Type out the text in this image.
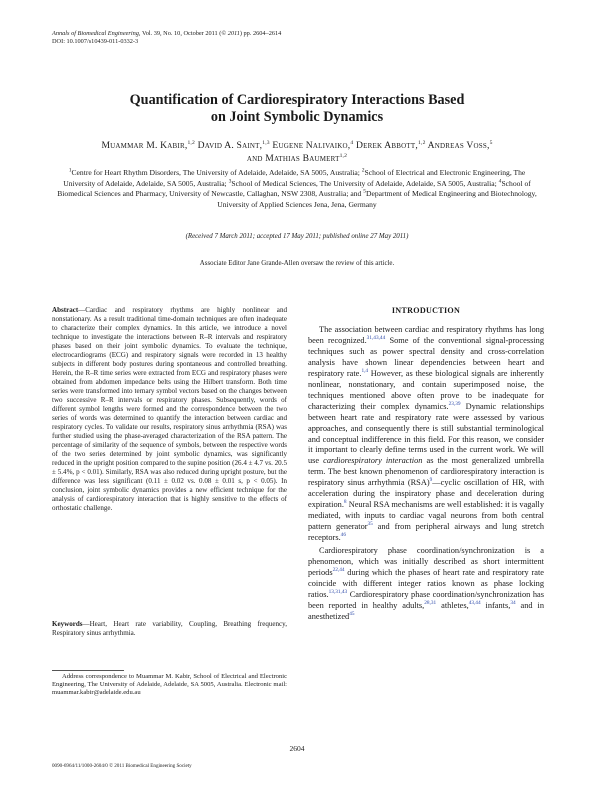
Annals of Biomedical Engineering, Vol. 39, No. 10, October 2011 (© 2011) pp. 2604–2614
DOI: 10.1007/s10439-011-0332-3
Quantification of Cardiorespiratory Interactions Based
on Joint Symbolic Dynamics
Muammar M. Kabir,$^{1,2}$ David A. Saint,$^{1,3}$ Eugene Nalivaiko,$^4$ Derek Abbott,$^{1,2}$ Andreas Voss,$^5$
and Mathias Baumert$^{1,2}$
$^1$Centre for Heart Rhythm Disorders, The University of Adelaide, Adelaide, SA 5005, Australia; $^2$School of Electrical and Electronic Engineering, The University of Adelaide, Adelaide, SA 5005, Australia; $^3$School of Medical Sciences, The University of Adelaide, Adelaide, SA 5005, Australia; $^4$School of Biomedical Sciences and Pharmacy, University of Newcastle, Callaghan, NSW 2308, Australia; and $^5$Department of Medical Engineering and Biotechnology, University of Applied Sciences Jena, Jena, Germany
(Received 7 March 2011; accepted 17 May 2011; published online 27 May 2011)
Associate Editor Jane Grande-Allen oversaw the review of this article.
Abstract—Cardiac and respiratory rhythms are highly nonlinear and nonstationary. As a result traditional time-domain techniques are often inadequate to characterize their complex dynamics. In this article, we introduce a novel technique to investigate the interactions between R–R intervals and respiratory phases based on their joint symbolic dynamics. To evaluate the technique, electrocardiograms (ECG) and respiratory signals were recorded in 13 healthy subjects in different body postures during spontaneous and controlled breathing. Herein, the R–R time series were extracted from ECG and respiratory phases were obtained from abdomen impedance belts using the Hilbert transform. Both time series were transformed into ternary symbol vectors based on the changes between two successive R–R intervals or respiratory phases. Subsequently, words of different symbol lengths were formed and the correspondence between the two series of words was determined to quantify the interaction between cardiac and respiratory cycles. To validate our results, respiratory sinus arrhythmia (RSA) was further studied using the phase-averaged characterization of the RSA pattern. The percentage of similarity of the sequence of symbols, between the respective words of the two series determined by joint symbolic dynamics, was significantly reduced in the upright position compared to the supine position (26.4 ± 4.7 vs. 20.5 ± 5.4%, p < 0.01). Similarly, RSA was also reduced during upright posture, but the difference was less significant (0.11 ± 0.02 vs. 0.08 ± 0.01 s, p < 0.05). In conclusion, joint symbolic dynamics provides a new efficient technique for the analysis of cardiorespiratory interaction that is highly sensitive to the effects of orthostatic challenge.
Keywords—Heart, Heart rate variability, Coupling, Breathing frequency, Respiratory sinus arrhythmia.
Address correspondence to Muammar M. Kabir, School of Electrical and Electronic Engineering, The University of Adelaide, Adelaide, SA 5005, Australia. Electronic mail: muammar.kabir@adelaide.edu.au
INTRODUCTION

The association between cardiac and respiratory rhythms has long been recognized.$^{31,43,44}$ Some of the conventional signal-processing techniques such as power spectral density and cross-correlation analysis have shown linear dependencies between heart and respiratory rate.$^{1,4}$ However, as these biological signals are inherently nonlinear, nonstationary, and contain superimposed noise, the techniques mentioned above often prove to be inadequate for characterizing their complex dynamics.$^{23,39}$ Dynamic relationships between heart rate and respiratory rate were assessed by various approaches, and consequently there is still substantial terminological and conceptual indifference in this field. For this reason, we consider it important to clearly define terms used in the current work. We will use cardiorespiratory interaction as the most generalized umbrella term. The best known phenomenon of cardiorespiratory interaction is respiratory sinus arrhythmia (RSA)$^9$—cyclic oscillation of HR, with acceleration during the inspiratory phase and deceleration during expiration.$^8$ Neural RSA mechanisms are well established: it is vagally mediated, with inputs to cardiac vagal neurons from both central pattern generator$^{35}$ and from peripheral airways and lung stretch receptors.$^{46}$

Cardiorespiratory phase coordination/synchronization is a phenomenon, which was initially described as short intermittent periods$^{22,44}$ during which the phases of heart rate and respiratory rate coincide with different integer ratios known as phase locking ratios.$^{13,31,43}$ Cardiorespiratory phase coordination/synchronization has been reported in healthy adults,$^{28,31}$ athletes,$^{43,44}$ infants,$^{34}$ and in anesthetized$^{45}$

2604
0090-6964/11/1000-2604/0 © 2011 Biomedical Engineering Society
